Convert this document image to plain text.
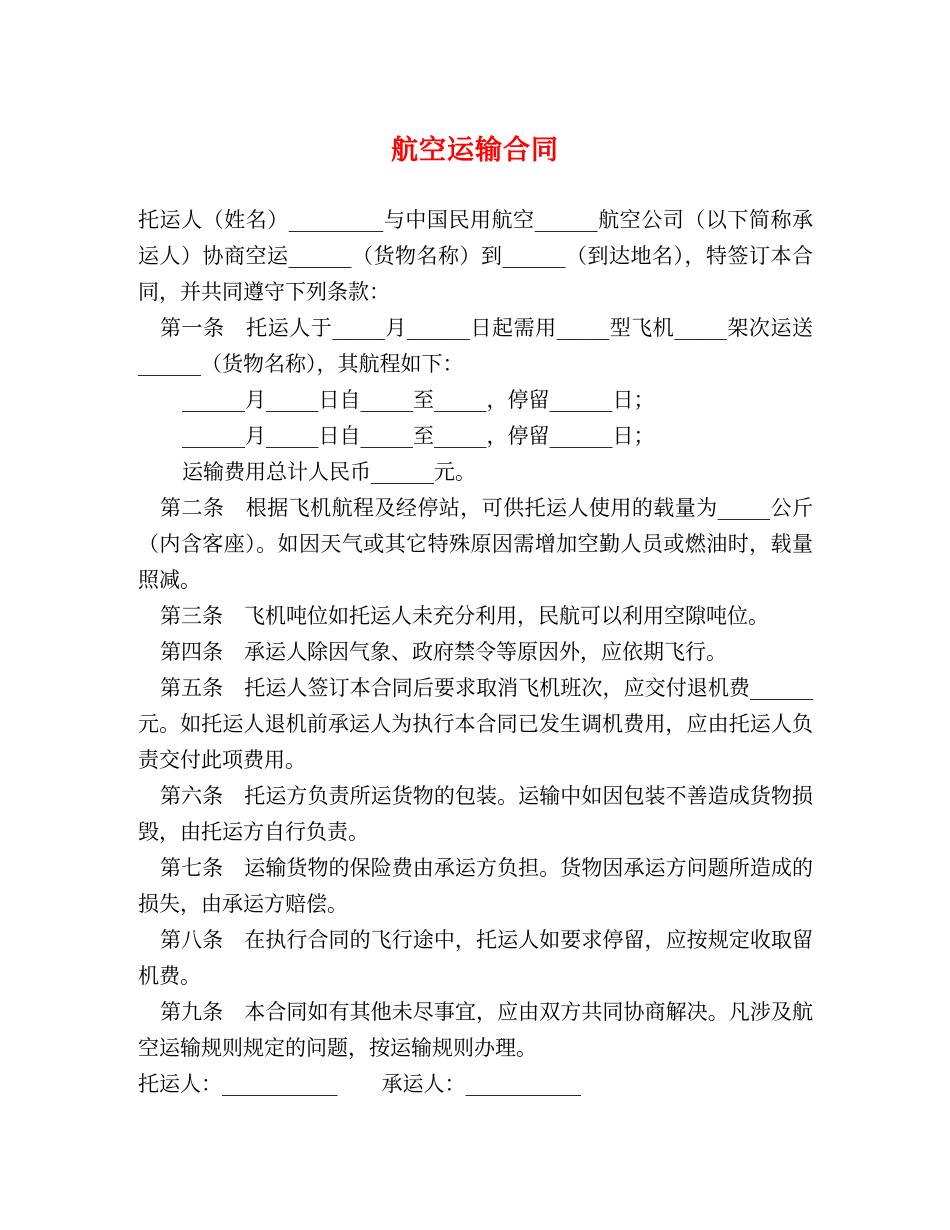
航空运输合同

托运人（姓名）_________与中国民用航空______航空公司（以下简称承运人）协商空运______（货物名称）到______（到达地名），特签订本合同，并共同遵守下列条款：

第一条　托运人于_____月______日起需用_____型飞机_____架次运送______（货物名称），其航程如下：

______月_____日自_____至_____，停留______日；

______月_____日自_____至_____，停留______日；

运输费用总计人民币______元。

第二条　根据飞机航程及经停站，可供托运人使用的载量为_____公斤（内含客座）。如因天气或其它特殊原因需增加空勤人员或燃油时，载量照减。

第三条　飞机吨位如托运人未充分利用，民航可以利用空隙吨位。

第四条　承运人除因气象、政府禁令等原因外，应依期飞行。

第五条　托运人签订本合同后要求取消飞机班次，应交付退机费______元。如托运人退机前承运人为执行本合同已发生调机费用，应由托运人负责交付此项费用。

第六条　托运方负责所运货物的包装。运输中如因包装不善造成货物损毁，由托运方自行负责。

第七条　运输货物的保险费由承运方负担。货物因承运方问题所造成的损失，由承运方赔偿。

第八条　在执行合同的飞行途中，托运人如要求停留，应按规定收取留机费。

第九条　本合同如有其他未尽事宜，应由双方共同协商解决。凡涉及航空运输规则规定的问题，按运输规则办理。

托运人：___________ 承运人：___________
